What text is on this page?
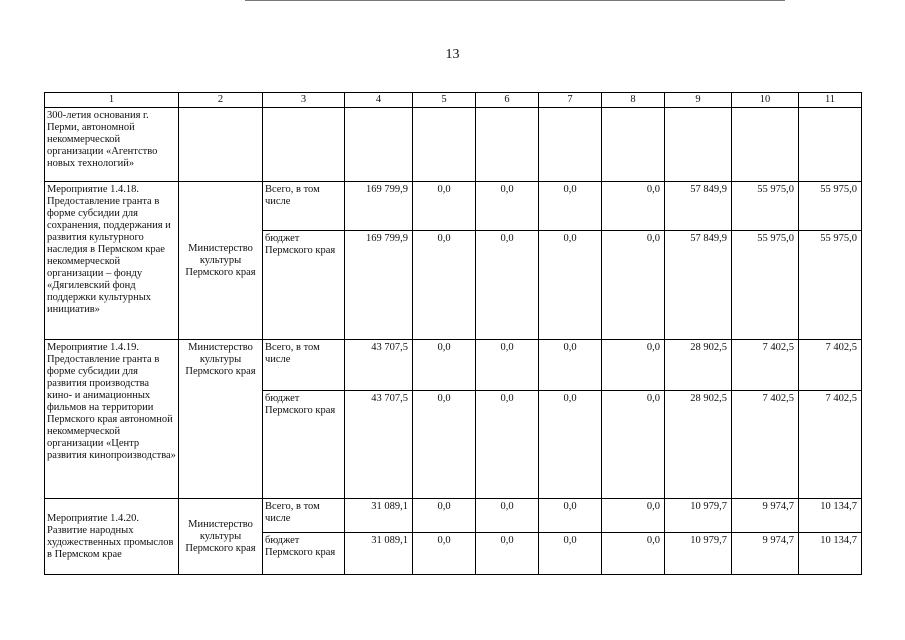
13
1	2	3	4	5	6	7	8	9	10	11
300-летия основания г. Перми, автономной некоммерческой организации «Агентство новых технологий»										
Мероприятие 1.4.18. Предоставление гранта в форме субсидии для сохранения, поддержания и развития культурного наследия в Пермском крае некоммерческой организации – фонду «Дягилевский фонд поддержки культурных инициатив»	Министерство культуры Пермского края	Всего, в том числе	169 799,9	0,0	0,0	0,0	0,0	57 849,9	55 975,0	55 975,0
		бюджет Пермского края	169 799,9	0,0	0,0	0,0	0,0	57 849,9	55 975,0	55 975,0
Мероприятие 1.4.19. Предоставление гранта в форме субсидии для развития производства кино- и анимационных фильмов на территории Пермского края автономной некоммерческой организации «Центр развития кинопроизводства»	Министерство культуры Пермского края	Всего, в том числе	43 707,5	0,0	0,0	0,0	0,0	28 902,5	7 402,5	7 402,5
		бюджет Пермского края	43 707,5	0,0	0,0	0,0	0,0	28 902,5	7 402,5	7 402,5
Мероприятие 1.4.20. Развитие народных художественных промыслов в Пермском крае	Министерство культуры Пермского края	Всего, в том числе	31 089,1	0,0	0,0	0,0	0,0	10 979,7	9 974,7	10 134,7
		бюджет Пермского края	31 089,1	0,0	0,0	0,0	0,0	10 979,7	9 974,7	10 134,7
